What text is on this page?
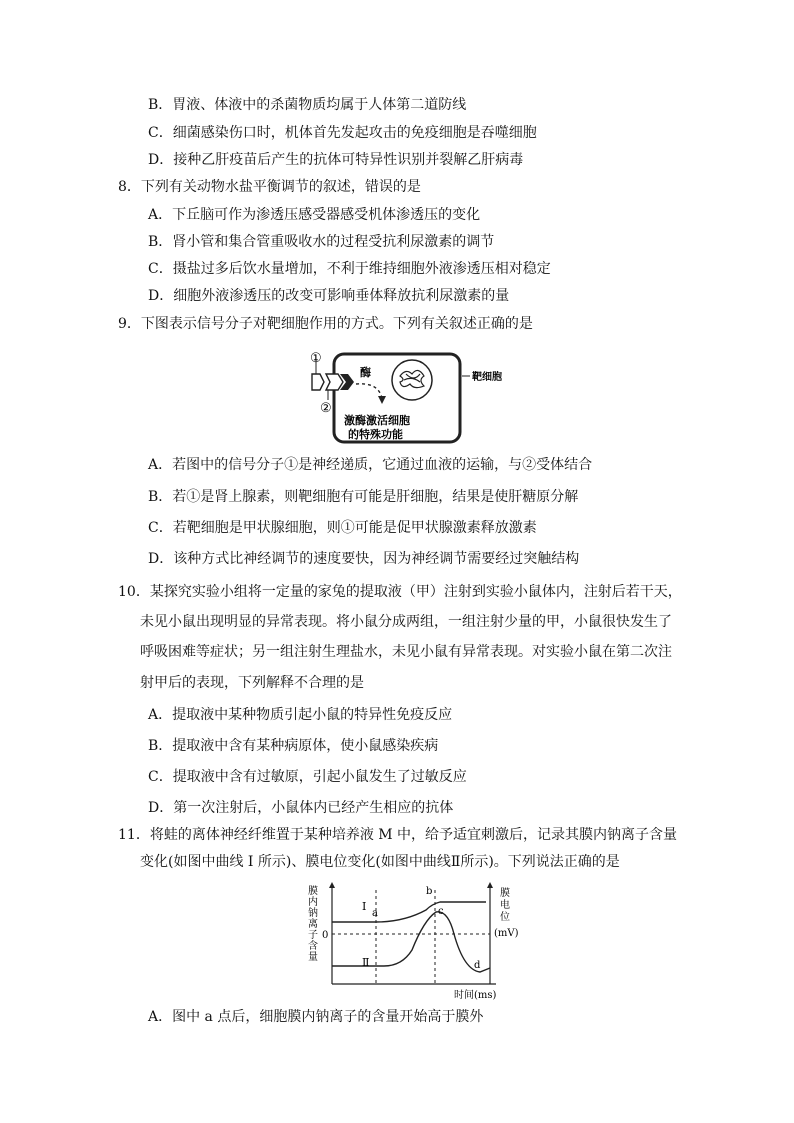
B．胃液、体液中的杀菌物质均属于人体第二道防线
C．细菌感染伤口时，机体首先发起攻击的免疫细胞是吞噬细胞
D．接种乙肝疫苗后产生的抗体可特异性识别并裂解乙肝病毒
8．下列有关动物水盐平衡调节的叙述，错误的是
A．下丘脑可作为渗透压感受器感受机体渗透压的变化
B．肾小管和集合管重吸收水的过程受抗利尿激素的调节
C．摄盐过多后饮水量增加，不利于维持细胞外液渗透压相对稳定
D．细胞外液渗透压的改变可影响垂体释放抗利尿激素的量
9．下图表示信号分子对靶细胞作用的方式。下列有关叙述正确的是
①
②
酶	靶细胞
激酶激活细胞
的特殊功能
A．若图中的信号分子①是神经递质，它通过血液的运输，与②受体结合
B．若①是肾上腺素，则靶细胞有可能是肝细胞，结果是使肝糖原分解
C．若靶细胞是甲状腺细胞，则①可能是促甲状腺激素释放激素
D．该种方式比神经调节的速度要快，因为神经调节需要经过突触结构
10．某探究实验小组将一定量的家兔的提取液（甲）注射到实验小鼠体内，注射后若干天，
未见小鼠出现明显的异常表现。将小鼠分成两组，一组注射少量的甲，小鼠很快发生了
呼吸困难等症状；另一组注射生理盐水，未见小鼠有异常表现。对实验小鼠在第二次注
射甲后的表现，下列解释不合理的是
A．提取液中某种物质引起小鼠的特异性免疫反应
B．提取液中含有某种病原体，使小鼠感染疾病
C．提取液中含有过敏原，引起小鼠发生了过敏反应
D．第一次注射后，小鼠体内已经产生相应的抗体
11．将蛙的离体神经纤维置于某种培养液 M 中，给予适宜刺激后，记录其膜内钠离子含量
变化(如图中曲线 I 所示)、膜电位变化(如图中曲线Ⅱ所示)。下列说法正确的是
膜
内
钠
离
子
含
量
0
I
a
Ⅱ
b
c
d
膜
电
位
(mV)
时间(ms)
A．图中 a 点后，细胞膜内钠离子的含量开始高于膜外
